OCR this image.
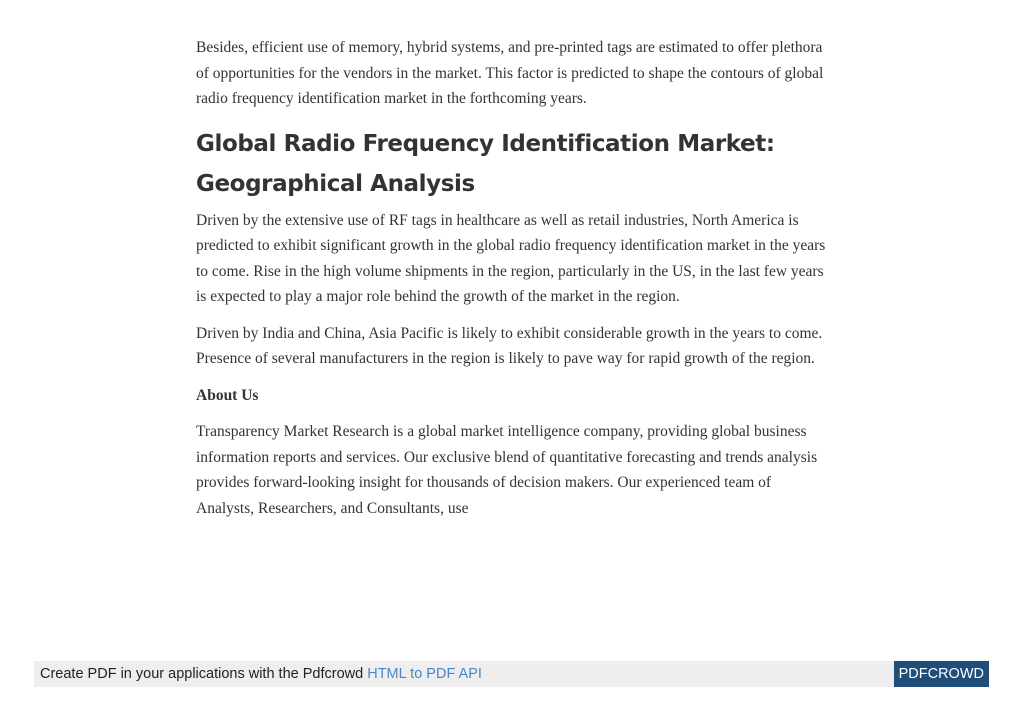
Besides, efficient use of memory, hybrid systems, and pre-printed tags are estimated to offer plethora of opportunities for the vendors in the market. This factor is predicted to shape the contours of global radio frequency identification market in the forthcoming years.

Global Radio Frequency Identification Market: Geographical Analysis

Driven by the extensive use of RF tags in healthcare as well as retail industries, North America is predicted to exhibit significant growth in the global radio frequency identification market in the years to come. Rise in the high volume shipments in the region, particularly in the US, in the last few years is expected to play a major role behind the growth of the market in the region.

Driven by India and China, Asia Pacific is likely to exhibit considerable growth in the years to come. Presence of several manufacturers in the region is likely to pave way for rapid growth of the region.

About Us

Transparency Market Research is a global market intelligence company, providing global business information reports and services. Our exclusive blend of quantitative forecasting and trends analysis provides forward-looking insight for thousands of decision makers. Our experienced team of Analysts, Researchers, and Consultants, use

Create PDF in your applications with the Pdfcrowd HTML to PDF API	PDFCROWD
